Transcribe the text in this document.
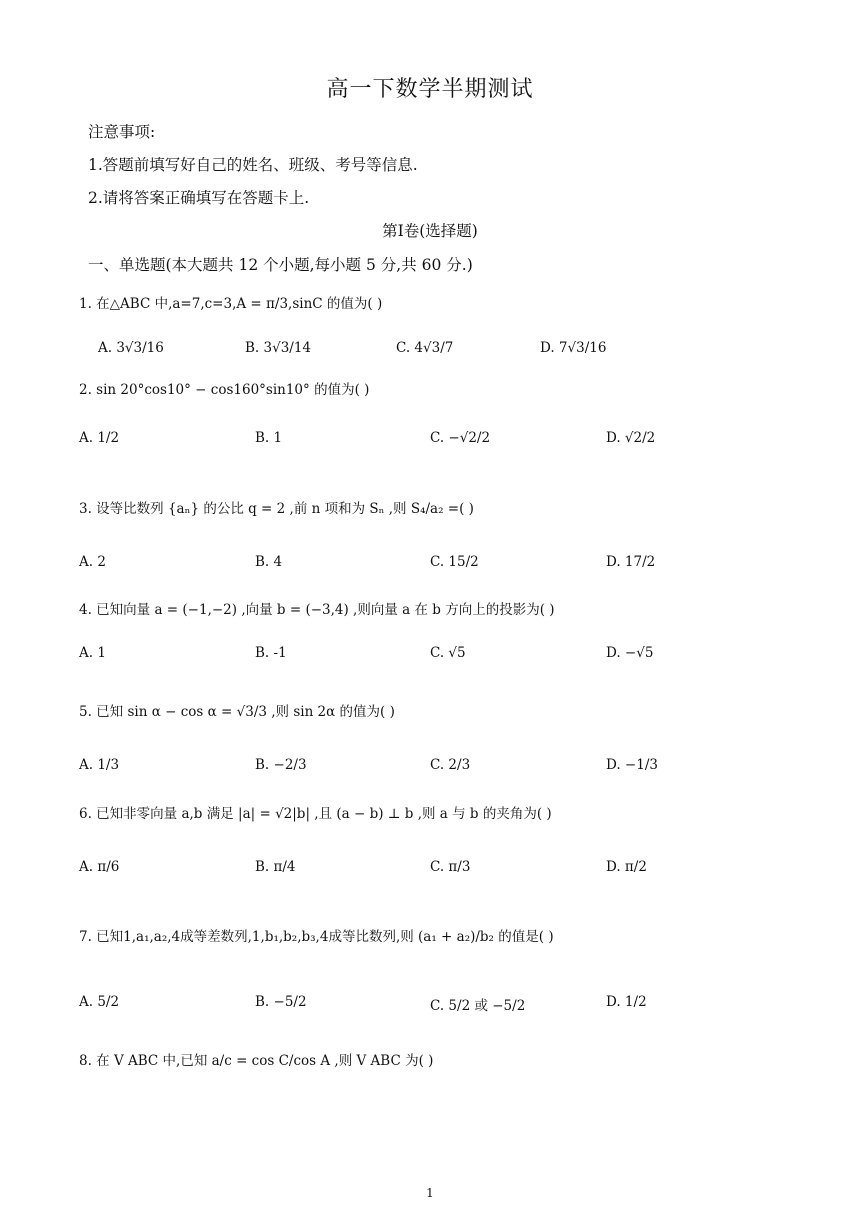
高一下数学半期测试
注意事项:
1.答题前填写好自己的姓名、班级、考号等信息.
2.请将答案正确填写在答题卡上.
第Ⅰ卷(选择题)
一、单选题(本大题共 12 个小题,每小题 5 分,共 60 分.)
1. 在△ABC 中,a=7,c=3,A = π/3,sinC 的值为( )
A. 3√3/16	B. 3√3/14	C. 4√3/7	D. 7√3/16
2. sin 20°cos10° − cos160°sin10° 的值为( )
A. 1/2	B. 1	C. −√2/2	D. √2/2
3. 设等比数列 {aₙ} 的公比 q = 2 ,前 n 项和为 Sₙ ,则 S₄/a₂ =( )
A. 2	B. 4	C. 15/2	D. 17/2
4. 已知向量 a = (−1,−2) ,向量 b = (−3,4) ,则向量 a 在 b 方向上的投影为( )
A. 1	B. -1	C. √5	D. −√5
5. 已知 sin α − cos α = √3/3 ,则 sin 2α 的值为( )
A. 1/3	B. −2/3	C. 2/3	D. −1/3
6. 已知非零向量 a,b 满足 |a| = √2|b| ,且 (a − b) ⊥ b ,则 a 与 b 的夹角为( )
A. π/6	B. π/4	C. π/3	D. π/2
7. 已知1,a₁,a₂,4成等差数列,1,b₁,b₂,b₃,4成等比数列,则 (a₁ + a₂)/b₂ 的值是( )
A. 5/2	B. −5/2	C. 5/2 或 −5/2	D. 1/2
8. 在 V ABC 中,已知 a/c = cos C/cos A ,则 V ABC 为( )
1
